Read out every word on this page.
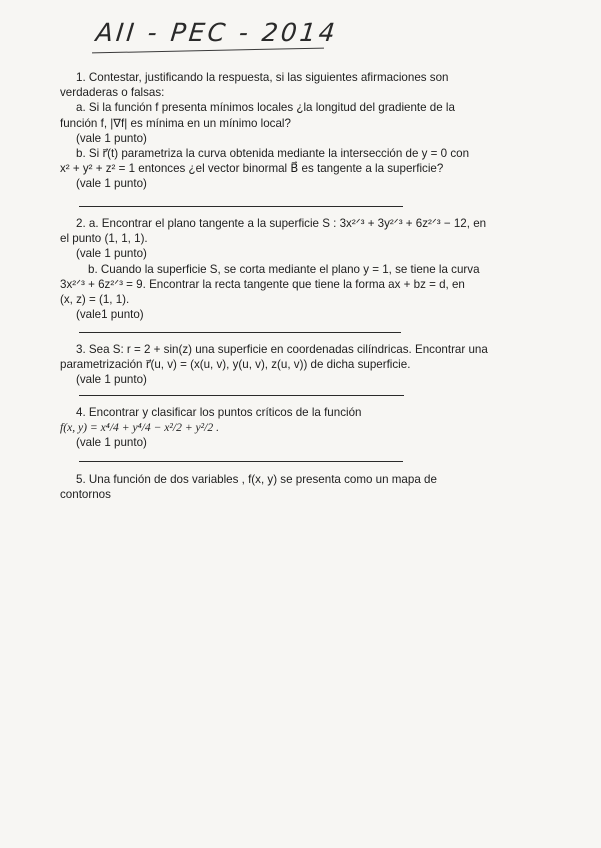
AII - PEC - 2014

1. Contestar, justificando la respuesta, si las siguientes afirmaciones son

verdaderas o falsas:

a. Si la función f presenta mínimos locales ¿la longitud del gradiente de la

función f, |∇f| es mínima en un mínimo local?

(vale 1 punto)

b. Si r⃗(t) parametriza la curva obtenida mediante la intersección de y = 0 con

x² + y² + z² = 1 entonces ¿el vector binormal B⃗ es tangente a la superficie?

(vale 1 punto)

2. a. Encontrar el plano tangente a la superficie S : 3x²ᐟ³ + 3y²ᐟ³ + 6z²ᐟ³ − 12, en

el punto (1, 1, 1).

(vale 1 punto)

b. Cuando la superficie S, se corta mediante el plano y = 1, se tiene la curva

3x²ᐟ³ + 6z²ᐟ³ = 9. Encontrar la recta tangente que tiene la forma ax + bz = d, en

(x, z) = (1, 1).

(vale1 punto)

3. Sea S: r = 2 + sin(z) una superficie en coordenadas cilíndricas. Encontrar una

parametrización r⃗(u, v) = (x(u, v), y(u, v), z(u, v)) de dicha superficie.

(vale 1 punto)

4. Encontrar y clasificar los puntos críticos de la función

f(x, y) = x⁴/4 + y⁴/4 − x²/2 + y²/2 .

(vale 1 punto)

5. Una función de dos variables , f(x, y) se presenta como un mapa de

contornos
